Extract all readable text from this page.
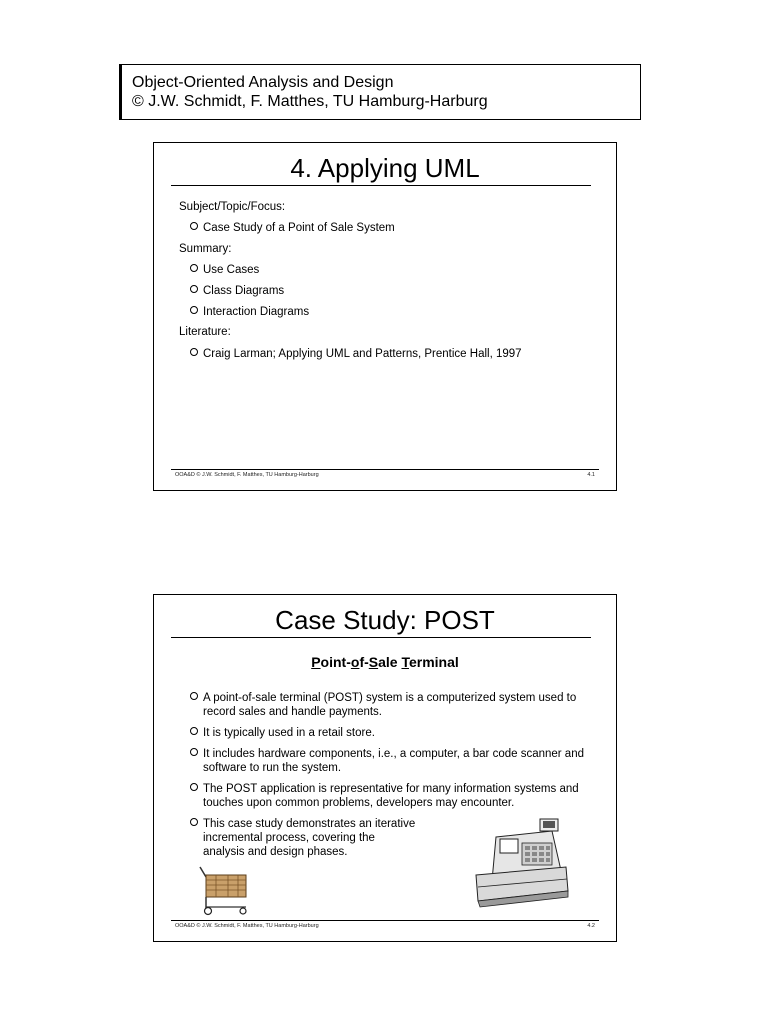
Object-Oriented Analysis and Design
© J.W. Schmidt, F. Matthes, TU Hamburg-Harburg
4. Applying UML
Subject/Topic/Focus:
Case Study of a Point of Sale System
Summary:
Use Cases
Class Diagrams
Interaction Diagrams
Literature:
Craig Larman; Applying UML and Patterns, Prentice Hall, 1997
OOA&D © J.W. Schmidt, F. Matthes, TU Hamburg-Harburg	4.1
Case Study: POST
Point-of-Sale Terminal
A point-of-sale terminal (POST) system is a computerized system used to
record sales and handle payments.
It is typically used in a retail store.
It includes hardware components, i.e., a computer, a bar code scanner and
software to run the system.
The POST application is representative for many information systems and
touches upon common problems, developers may encounter.
This case study demonstrates an iterative
incremental process, covering the
analysis and design phases.
OOA&D © J.W. Schmidt, F. Matthes, TU Hamburg-Harburg	4.2
